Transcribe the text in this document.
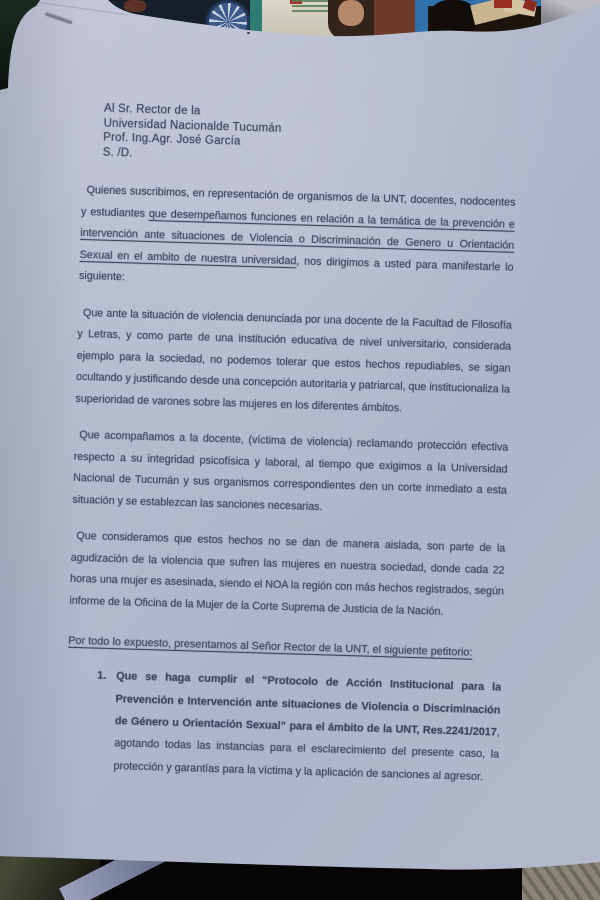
Al Sr. Rector de la
Universidad Nacionalde Tucumán
Prof. Ing.Agr. José García
S. /D.

Quienes suscribimos, en representación de organismos de la UNT, docentes, nodocentes y estudiantes que desempeñamos funciones en relación a la temática de la prevención e intervención ante situaciones de Violencia o Discriminación de Genero u Orientación Sexual en el ambito de nuestra universidad, nos dirigimos a usted para manifestarle lo siguiente:

Que ante la situación de violencia denunciada por una docente de la Facultad de Filosofía y Letras, y como parte de una institución educativa de nivel universitario, considerada ejemplo para la sociedad, no podemos tolerar que estos hechos repudiables, se sigan ocultando y justificando desde una concepción autoritaria y patriarcal, que institucionaliza la superioridad de varones sobre las mujeres en los diferentes ámbitos.

Que acompañamos a la docente, (víctima de violencia) reclamando protección efectiva respecto a su integridad psicofísica y laboral, al tiempo que exigimos a la Universidad Nacional de Tucumán y sus organismos correspondientes den un corte inmediato a esta situación y se establezcan las sanciones necesarias.

Que consideramos que estos hechos no se dan de manera aislada, son parte de la agudización de la violencia que sufren las mujeres en nuestra sociedad, donde cada 22 horas una mujer es asesinada, siendo el NOA la región con más hechos registrados, según informe de la Oficina de la Mujer de la Corte Suprema de Justicia de la Nación.

Por todo lo expuesto, presentamos al Señor Rector de la UNT, el siguiente petitorio:

1. Que se haga cumplir el “Protocolo de Acción Institucional para la Prevención e Intervención ante situaciones de Violencia o Discriminación de Género u Orientación Sexual” para el ámbito de la UNT, Res.2241/2017, agotando todas las instancias para el esclarecimiento del presente caso, la protección y garantías para la víctima y la aplicación de sanciones al agresor.
